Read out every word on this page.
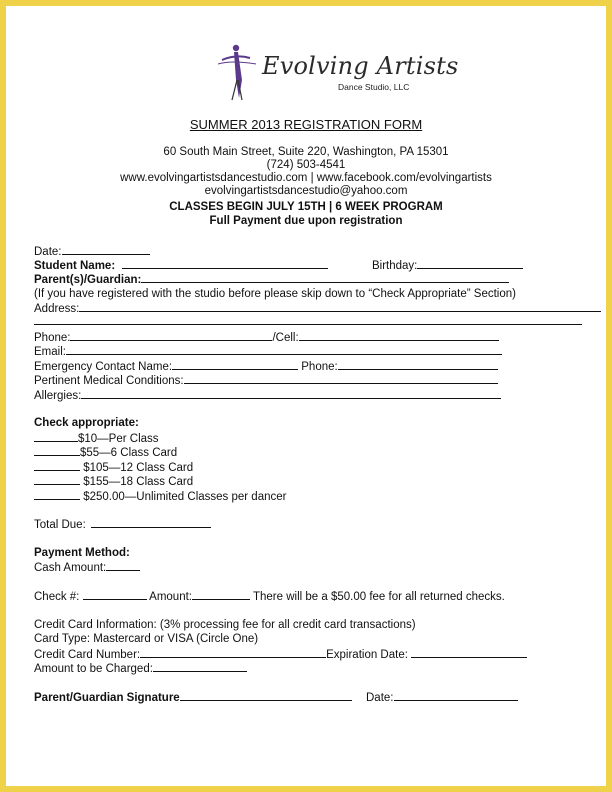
Evolving Artists
Dance Studio, LLC
SUMMER 2013 REGISTRATION FORM
60 South Main Street, Suite 220, Washington, PA 15301
(724) 503-4541
www.evolvingartistsdancestudio.com | www.facebook.com/evolvingartists
evolvingartistsdancestudio@yahoo.com
CLASSES BEGIN JULY 15TH | 6 WEEK PROGRAM
Full Payment due upon registration
Date:
Student Name:	Birthday:
Parent(s)/Guardian:
(If you have registered with the studio before please skip down to “Check Appropriate” Section)
Address:
Phone:	/Cell:
Email:
Emergency Contact Name:	Phone:
Pertinent Medical Conditions:
Allergies:
Check appropriate:
$10—Per Class
$55—6 Class Card
$105—12 Class Card
$155—18 Class Card
$250.00—Unlimited Classes per dancer
Total Due:
Payment Method:
Cash Amount:
Check #:	Amount:	There will be a $50.00 fee for all returned checks.
Credit Card Information: (3% processing fee for all credit card transactions)
Card Type: Mastercard or VISA (Circle One)
Credit Card Number:	Expiration Date:
Amount to be Charged:
Parent/Guardian Signature	Date:
